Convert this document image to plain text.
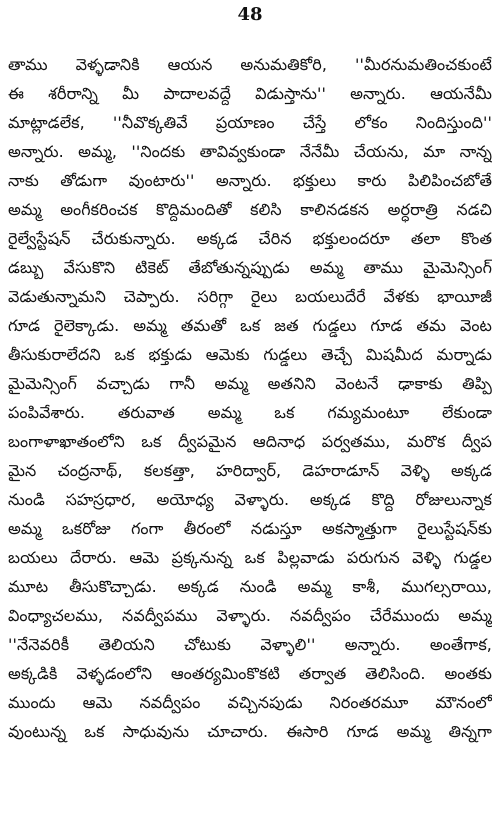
48
తాము వెళ్ళడానికి ఆయన అనుమతికోరి, ''మీరనుమతించకుంటే
ఈ శరీరాన్ని మీ పాదాలవద్దే విడుస్తాను'' అన్నారు. ఆయనేమీ
మాట్లాడలేక, ''నీవొక్కతివే ప్రయాణం చేస్తే లోకం నిందిస్తుంది''
అన్నారు. అమ్మ, ''నిందకు తావివ్వకుండా నేనేమీ చేయను, మా నాన్న
నాకు తోడుగా వుంటారు'' అన్నారు. భక్తులు కారు పిలిపించబోతే
అమ్మ అంగీకరించక కొద్దిమందితో కలిసి కాలినడకన అర్ధరాత్రి నడచి
రైల్వేస్టేషన్ చేరుకున్నారు. అక్కడ చేరిన భక్తులందరూ తలా కొంత
డబ్బు వేసుకొని టికెట్ తేబోతున్నప్పుడు అమ్మ తాము మైమెన్సింగ్
వెడుతున్నామని చెప్పారు. సరిగ్గా రైలు బయలుదేరే వేళకు భాయీజీ
గూడ రైలెక్కాడు. అమ్మ తమతో ఒక జత గుడ్డలు గూడ తమ వెంట
తీసుకురాలేదని ఒక భక్తుడు ఆమెకు గుడ్డలు తెచ్చే మిషమీద మర్నాడు
మైమెన్సింగ్ వచ్చాడు గానీ అమ్మ అతనిని వెంటనే ఢాకాకు తిప్పి
పంపివేశారు. తరువాత అమ్మ ఒక గమ్యమంటూ లేకుండా
బంగాళాఖాతంలోని ఒక ద్వీపమైన ఆదినాధ పర్వతము, మరొక ద్వీప
మైన చంద్రనాథ్, కలకత్తా, హరిద్వార్, డెహరాడూన్ వెళ్ళి అక్కడ
నుండి సహస్రధార, అయోధ్య వెళ్ళారు. అక్కడ కొద్ది రోజులున్నాక
అమ్మ ఒకరోజు గంగా తీరంలో నడుస్తూ అకస్మాత్తుగా రైలుస్టేషన్‌కు
బయలు దేరారు. ఆమె ప్రక్కనున్న ఒక పిల్లవాడు పరుగున వెళ్ళి గుడ్డల
మూట తీసుకొచ్చాడు. అక్కడ నుండి అమ్మ కాశీ, ముగల్సరాయి,
వింధ్యాచలము, నవద్వీపము వెళ్ళారు. నవద్వీపం చేరేముందు అమ్మ
''నేనెవరికీ తెలియని చోటుకు వెళ్ళాలి'' అన్నారు. అంతేగాక,
అక్కడికి వెళ్ళడంలోని ఆంతర్యమింకొకటి తర్వాత తెలిసింది. అంతకు
ముందు ఆమె నవద్వీపం వచ్చినపుడు నిరంతరమూ మౌనంలో
వుంటున్న ఒక సాధువును చూచారు. ఈసారి గూడ అమ్మ తిన్నగా
